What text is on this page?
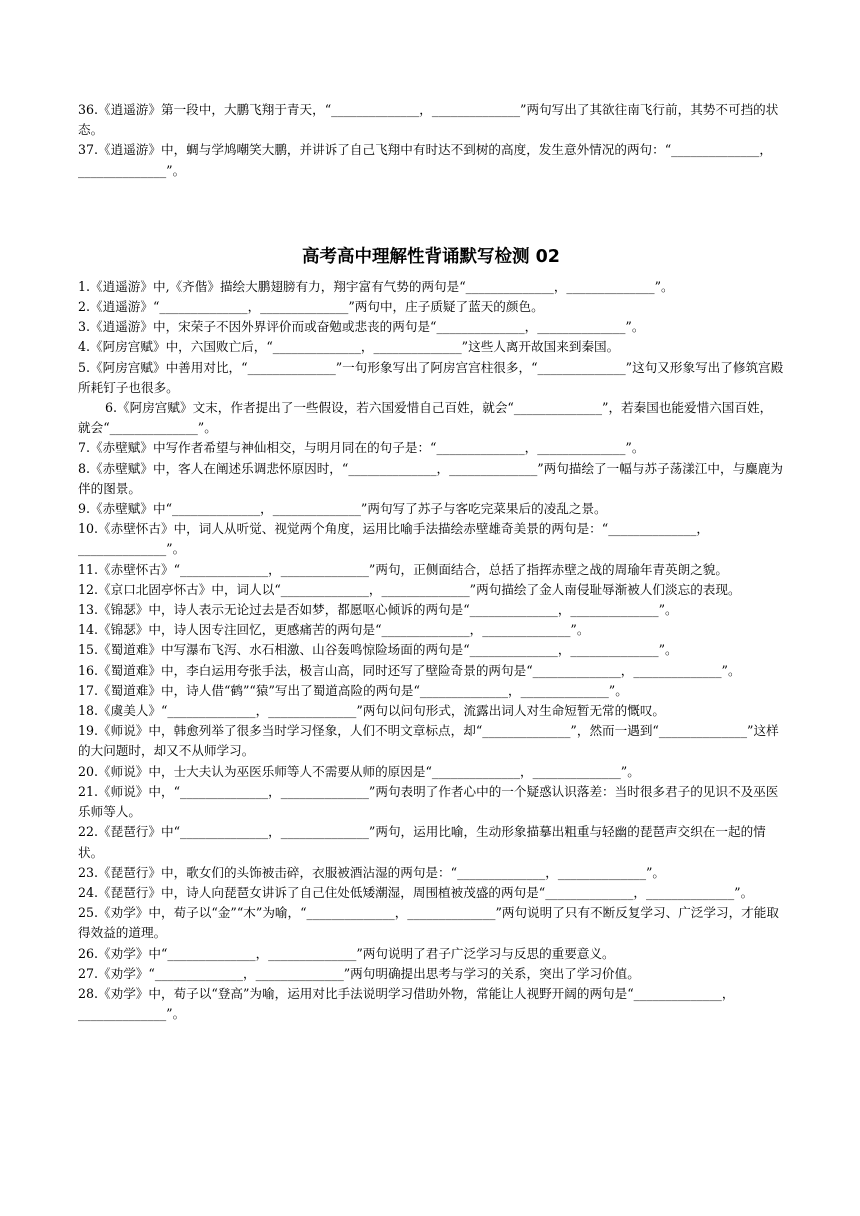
36.《逍遥游》第一段中，大鹏飞翔于青天，“______________，______________”两句写出了其欲往南飞行前，其势不可挡的状态。

37.《逍遥游》中，蜩与学鸠嘲笑大鹏，并讲诉了自己飞翔中有时达不到树的高度，发生意外情况的两句：“______________，______________”。

高考高中理解性背诵默写检测 02

1.《逍遥游》中,《齐偕》描绘大鹏翅膀有力，翔宇富有气势的两句是“______________，______________”。

2.《逍遥游》“______________，______________”两句中，庄子质疑了蓝天的颜色。

3.《逍遥游》中，宋荣子不因外界评价而或奋勉或悲丧的两句是“______________，______________”。

4.《阿房宫赋》中，六国败亡后，“______________，______________”这些人离开故国来到秦国。

5.《阿房宫赋》中善用对比，“______________”一句形象写出了阿房宫宫柱很多，“______________”这句又形象写出了修筑宫殿所耗钉子也很多。

6.《阿房宫赋》文末，作者提出了一些假设，若六国爱惜自己百姓，就会“______________”，若秦国也能爱惜六国百姓，就会“______________”。

7.《赤壁赋》中写作者希望与神仙相交，与明月同在的句子是：“______________，______________”。

8.《赤壁赋》中，客人在阐述乐调悲怀原因时，“______________，______________”两句描绘了一幅与苏子荡漾江中，与麋鹿为伴的图景。

9.《赤壁赋》中“______________，______________”两句写了苏子与客吃完菜果后的凌乱之景。

10.《赤壁怀古》中，词人从听觉、视觉两个角度，运用比喻手法描绘赤壁雄奇美景的两句是：“______________，______________”。

11.《赤壁怀古》“______________，______________”两句，正侧面结合，总括了指挥赤壁之战的周瑜年青英朗之貌。

12.《京口北固亭怀古》中，词人以“______________，______________”两句描绘了金人南侵耻辱渐被人们淡忘的表现。

13.《锦瑟》中，诗人表示无论过去是否如梦，都愿呕心倾诉的两句是“______________，______________”。

14.《锦瑟》中，诗人因专注回忆，更感痛苦的两句是“______________，______________”。

15.《蜀道难》中写瀑布飞泻、水石相激、山谷轰鸣惊险场面的两句是“______________，______________”。

16.《蜀道难》中，李白运用夸张手法，极言山高，同时还写了壁险奇景的两句是“______________，______________”。

17.《蜀道难》中，诗人借“鹤”“猿”写出了蜀道高险的两句是“______________，______________”。

18.《虞美人》“______________，______________”两句以问句形式，流露出词人对生命短暂无常的慨叹。

19.《师说》中，韩愈列举了很多当时学习怪象，人们不明文章标点，却“______________”，然而一遇到“______________”这样的大问题时，却又不从师学习。

20.《师说》中，士大夫认为巫医乐师等人不需要从师的原因是“______________，______________”。

21.《师说》中，“______________，______________”两句表明了作者心中的一个疑惑认识落差：当时很多君子的见识不及巫医乐师等人。

22.《琵琶行》中“______________，______________”两句，运用比喻，生动形象描摹出粗重与轻幽的琵琶声交织在一起的情状。

23.《琵琶行》中，歌女们的头饰被击碎，衣服被酒沾湿的两句是：“______________，______________”。

24.《琵琶行》中，诗人向琵琶女讲诉了自己住处低矮潮湿，周围植被茂盛的两句是“______________，______________”。

25.《劝学》中，荀子以“金”“木”为喻，“______________，______________”两句说明了只有不断反复学习、广泛学习，才能取得效益的道理。

26.《劝学》中“______________，______________”两句说明了君子广泛学习与反思的重要意义。

27.《劝学》“______________，______________”两句明确提出思考与学习的关系，突出了学习价值。

28.《劝学》中，荀子以“登高”为喻，运用对比手法说明学习借助外物，常能让人视野开阔的两句是“______________，______________”。
